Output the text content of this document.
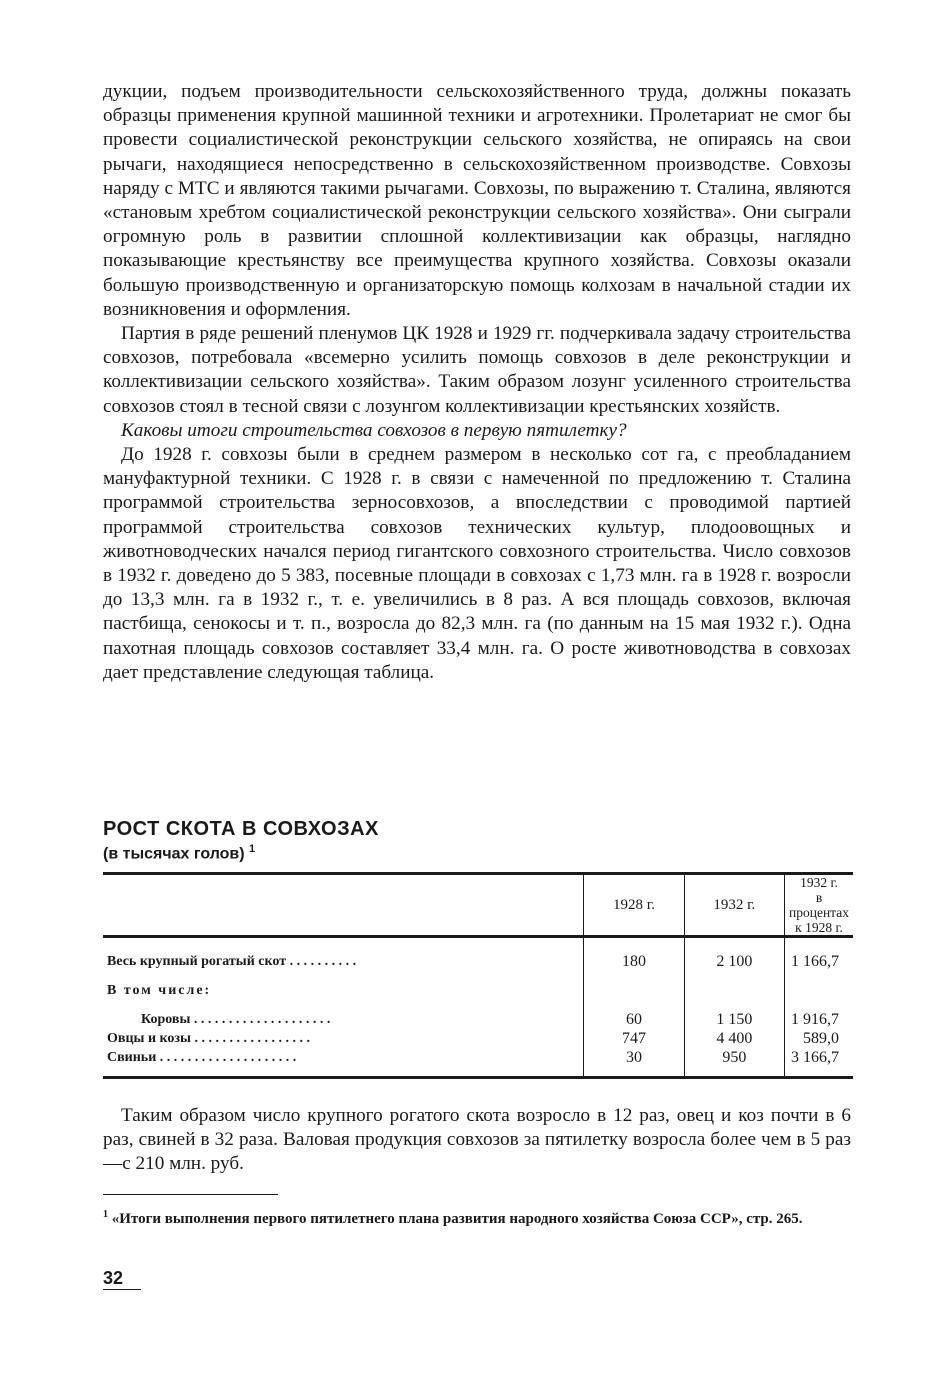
дукции, подъем производительности сельскохозяйственного труда, должны показать образцы применения крупной машинной техники и агротехники. Пролетариат не смог бы провести социалистической реконструкции сельского хозяйства, не опираясь на свои рычаги, находящиеся непосредственно в сельскохозяйственном производстве. Совхозы наряду с МТС и являются такими рычагами. Совхозы, по выражению т. Сталина, являются «становым хребтом социалистической реконструкции сельского хозяйства». Они сыграли огромную роль в развитии сплошной коллективизации как образцы, наглядно показывающие крестьянству все преимущества крупного хозяйства. Совхозы оказали большую производственную и организаторскую помощь колхозам в начальной стадии их возникновения и оформления.

Партия в ряде решений пленумов ЦК 1928 и 1929 гг. подчеркивала задачу строительства совхозов, потребовала «всемерно усилить помощь совхозов в деле реконструкции и коллективизации сельского хозяйства». Таким образом лозунг усиленного строительства совхозов стоял в тесной связи с лозунгом коллективизации крестьянских хозяйств.

Каковы итоги строительства совхозов в первую пятилетку?

До 1928 г. совхозы были в среднем размером в несколько сот га, с преобладанием мануфактурной техники. С 1928 г. в связи с намеченной по предложению т. Сталина программой строительства зерносовхозов, а впоследствии с проводимой партией программой строительства совхозов технических культур, плодоовощных и животноводческих начался период гигантского совхозного строительства. Число совхозов в 1932 г. доведено до 5 383, посевные площади в совхозах с 1,73 млн. га в 1928 г. возросли до 13,3 млн. га в 1932 г., т. е. увеличились в 8 раз. А вся площадь совхозов, включая пастбища, сенокосы и т. п., возросла до 82,3 млн. га (по данным на 15 мая 1932 г.). Одна пахотная площадь совхозов составляет 33,4 млн. га. О росте животноводства в совхозах дает представление следующая таблица.

РОСТ СКОТА В СОВХОЗАХ
(в тысячах голов) $^1$
	1928 г.	1932 г.	1932 г.
в процентах
к 1928 г.

Весь крупный рогатый скот . . . . . . . . . .	180	2 100	1 166,7

В том числе:			

Коровы . . . . . . . . . . . . . . . . . . . .	60	1 150	1 916,7
Овцы и козы . . . . . . . . . . . . . . . . .	747	4 400	589,0
Свиньи . . . . . . . . . . . . . . . . . . . .	30	950	3 166,7

Таким образом число крупного рогатого скота возросло в 12 раз, овец и коз почти в 6 раз, свиней в 32 раза. Валовая продукция совхозов за пятилетку возросла более чем в 5 раз—с 210 млн. руб.

$^1$ «Итоги выполнения первого пятилетнего плана развития народного хозяйства Союза ССР», стр. 265.
32
